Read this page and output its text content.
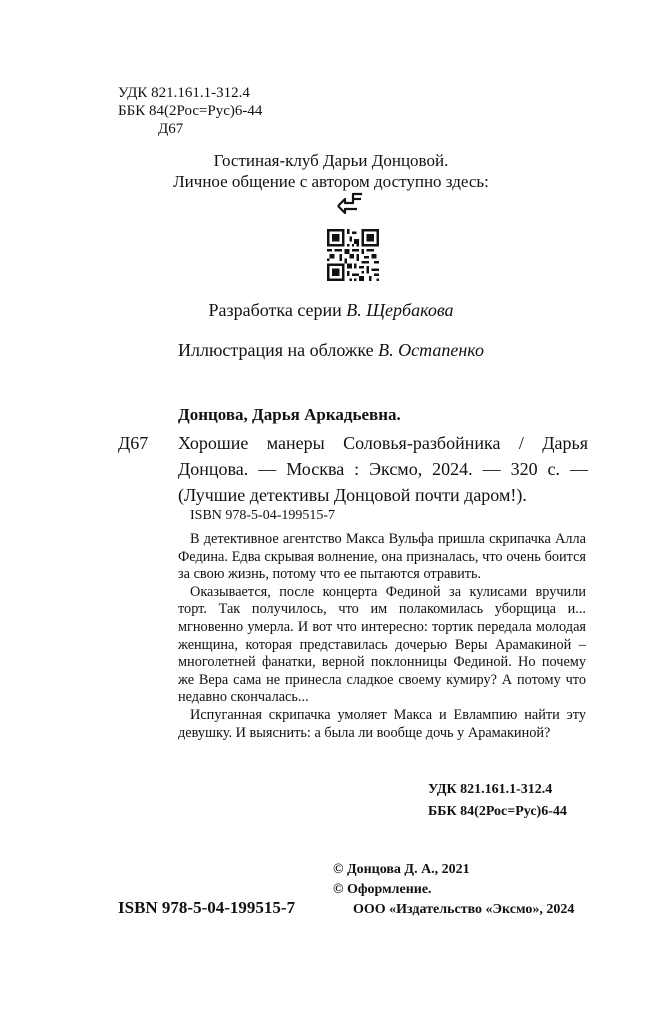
УДК 821.161.1-312.4
ББК 84(2Рос=Рус)6-44
Д67
Гостиная-клуб Дарьи Донцовой.
Личное общение с автором доступно здесь:
Разработка серии В. Щербакова
Иллюстрация на обложке В. Остапенко
Донцова, Дарья Аркадьевна.
Д67 Хорошие манеры Соловья-разбойника / Дарья Донцова. — Москва : Эксмо, 2024. — 320 с. — (Лучшие детективы Донцовой почти даром!).
ISBN 978-5-04-199515-7

В детективное агентство Макса Вульфа пришла скрипачка Алла Федина. Едва скрывая волнение, она призналась, что очень боится за свою жизнь, потому что ее пытаются отравить.

Оказывается, после концерта Фединой за кулисами вручили торт. Так получилось, что им полакомилась уборщица и... мгновенно умерла. И вот что интересно: тортик передала молодая женщина, которая представилась дочерью Веры Арамакиной – многолетней фанатки, верной поклонницы Фединой. Но почему же Вера сама не принесла сладкое своему кумиру? А потому что недавно скончалась...

Испуганная скрипачка умоляет Макса и Евлампию найти эту девушку. И выяснить: а была ли вообще дочь у Арамакиной?

УДК 821.161.1-312.4
ББК 84(2Рос=Рус)6-44
© Донцова Д. А., 2021
© Оформление.
ООО «Издательство «Эксмо», 2024
ISBN 978-5-04-199515-7
